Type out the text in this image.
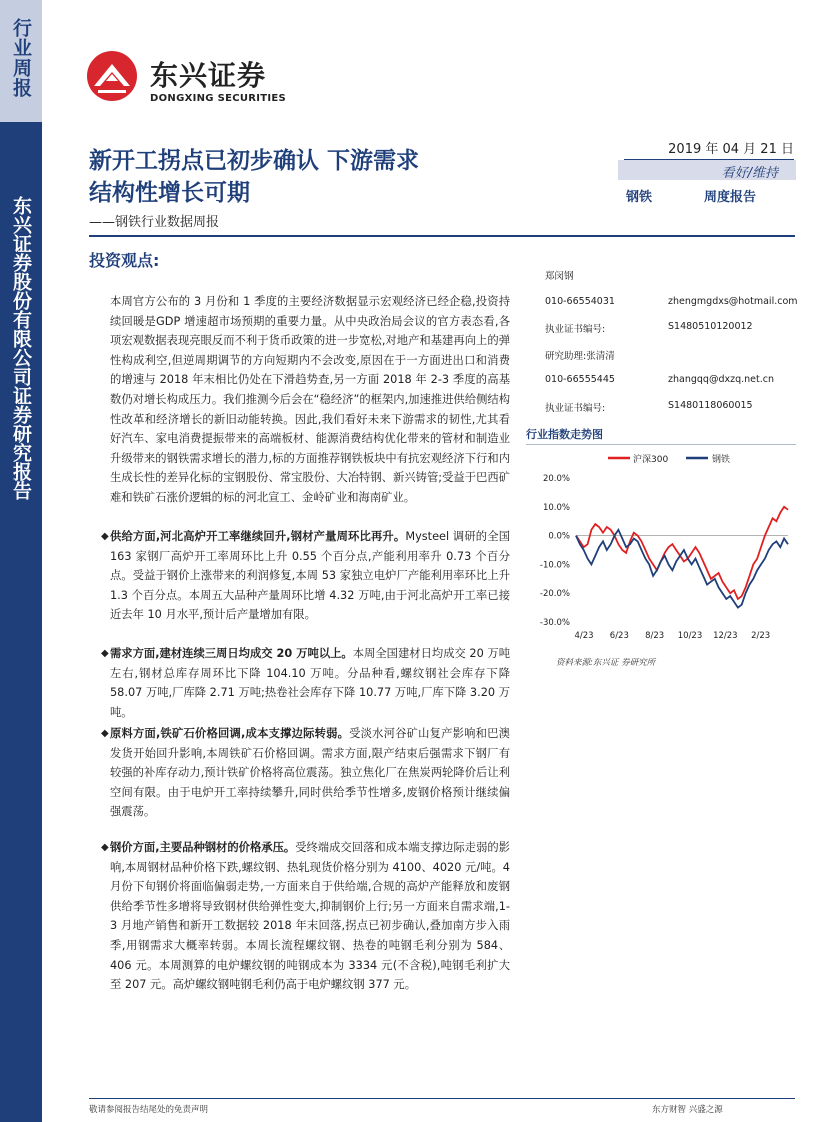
行业周报
东兴证券股份有限公司证券研究报告
东兴证券
DONGXING SECURITIES
新开工拐点已初步确认 下游需求
结构性增长可期
——钢铁行业数据周报
2019 年 04 月 21 日
看好/维持
钢铁	周度报告
投资观点:
本周官方公布的 3 月份和 1 季度的主要经济数据显示宏观经济已经企稳,投资持续回暖是GDP 增速超市场预期的重要力量。从中央政治局会议的官方表态看,各项宏观数据表现亮眼反而不利于货币政策的进一步宽松,对地产和基建再向上的弹性构成利空,但逆周期调节的方向短期内不会改变,原因在于一方面进出口和消费的增速与 2018 年末相比仍处在下滑趋势查,另一方面 2018 年 2-3 季度的高基数仍对增长构成压力。我们推测今后会在“稳经济”的框架内,加速推进供给侧结构性改革和经济增长的新旧动能转换。因此,我们看好未来下游需求的韧性,尤其看好汽车、家电消费提振带来的高端板材、能源消费结构优化带来的管材和制造业升级带来的钢铁需求增长的潜力,标的方面推荐钢铁板块中有抗宏观经济下行和内生成长性的差异化标的宝钢股份、常宝股份、大冶特钢、新兴铸管;受益于巴西矿难和铁矿石涨价逻辑的标的河北宣工、金岭矿业和海南矿业。
◆ 供给方面,河北高炉开工率继续回升,钢材产量周环比再升。Mysteel 调研的全国 163 家钢厂高炉开工率周环比上升 0.55 个百分点,产能利用率升 0.73 个百分点。受益于钢价上涨带来的利润修复,本周 53 家独立电炉厂产能利用率环比上升 1.3 个百分点。本周五大品种产量周环比增 4.32 万吨,由于河北高炉开工率已接近去年 10 月水平,预计后产量增加有限。
◆ 需求方面,建材连续三周日均成交 20 万吨以上。本周全国建材日均成交 20 万吨左右,钢材总库存周环比下降 104.10 万吨。分品种看,螺纹钢社会库存下降 58.07 万吨,厂库降 2.71 万吨;热卷社会库存下降 10.77 万吨,厂库下降 3.20 万吨。
◆ 原料方面,铁矿石价格回调,成本支撑边际转弱。受淡水河谷矿山复产影响和巴澳发货开始回升影响,本周铁矿石价格回调。需求方面,限产结束后强需求下钢厂有较强的补库存动力,预计铁矿价格将高位震荡。独立焦化厂在焦炭两轮降价后让利空间有限。由于电炉开工率持续攀升,同时供给季节性增多,废钢价格预计继续偏强震荡。
◆ 钢价方面,主要品种钢材的价格承压。受终端成交回落和成本端支撑边际走弱的影响,本周钢材品种价格下跌,螺纹钢、热轧现货价格分别为 4100、4020 元/吨。4 月份下旬钢价将面临偏弱走势,一方面来自于供给端,合规的高炉产能释放和废钢供给季节性多增将导致钢材供给弹性变大,抑制钢价上行;另一方面来自需求端,1-3 月地产销售和新开工数据较 2018 年末回落,拐点已初步确认,叠加南方步入雨季,用钢需求大概率转弱。本周长流程螺纹钢、热卷的吨钢毛利分别为 584、406 元。本周测算的电炉螺纹钢的吨钢成本为 3334 元(不含税),吨钢毛利扩大至 207 元。高炉螺纹钢吨钢毛利仍高于电炉螺纹钢 377 元。
郑闵钢
010-66554031	zhengmgdxs@hotmail.com
执业证书编号:	S1480510120012
研究助理:张清清
010-66555445	zhangqq@dxzq.net.cn
执业证书编号:	S1480118060015
行业指数走势图
沪深300	钢铁
20.0%
10.0%
0.0%
-10.0%
-20.0%
-30.0%
4/23 6/23 8/23 10/23 12/23 2/23
资料来源:东兴证 券研究所
敬请参阅报告结尾处的免责声明	东方财智 兴盛之源
